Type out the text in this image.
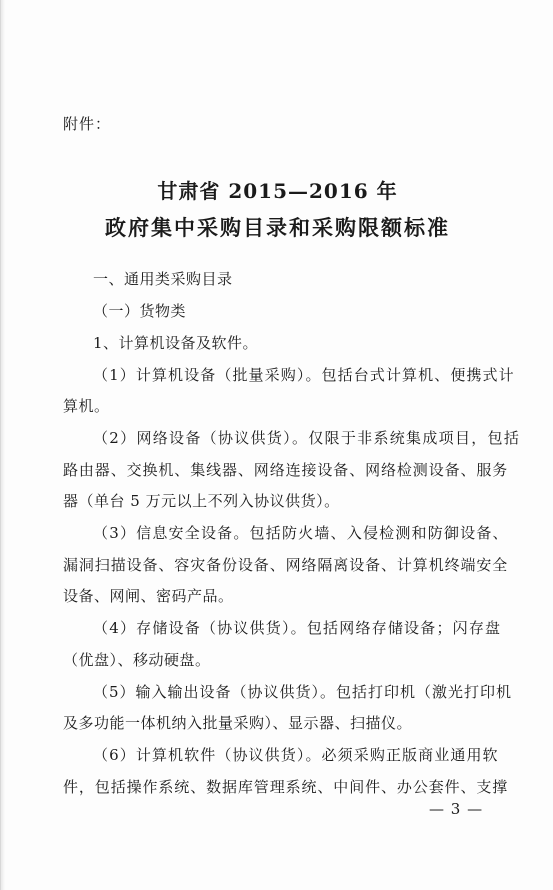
附件：
甘肃省 2015—2016 年
政府集中采购目录和采购限额标准
一、通用类采购目录
（一）货物类
1、计算机设备及软件。
（1）计算机设备（批量采购）。包括台式计算机、便携式计
算机。
（2）网络设备（协议供货）。仅限于非系统集成项目，包括
路由器、交换机、集线器、网络连接设备、网络检测设备、服务
器（单台 5 万元以上不列入协议供货）。
（3）信息安全设备。包括防火墙、入侵检测和防御设备、
漏洞扫描设备、容灾备份设备、网络隔离设备、计算机终端安全
设备、网闸、密码产品。
（4）存储设备（协议供货）。包括网络存储设备；闪存盘
（优盘）、移动硬盘。
（5）输入输出设备（协议供货）。包括打印机（激光打印机
及多功能一体机纳入批量采购）、显示器、扫描仪。
（6）计算机软件（协议供货）。必须采购正版商业通用软
件，包括操作系统、数据库管理系统、中间件、办公套件、支撑
— 3 —
